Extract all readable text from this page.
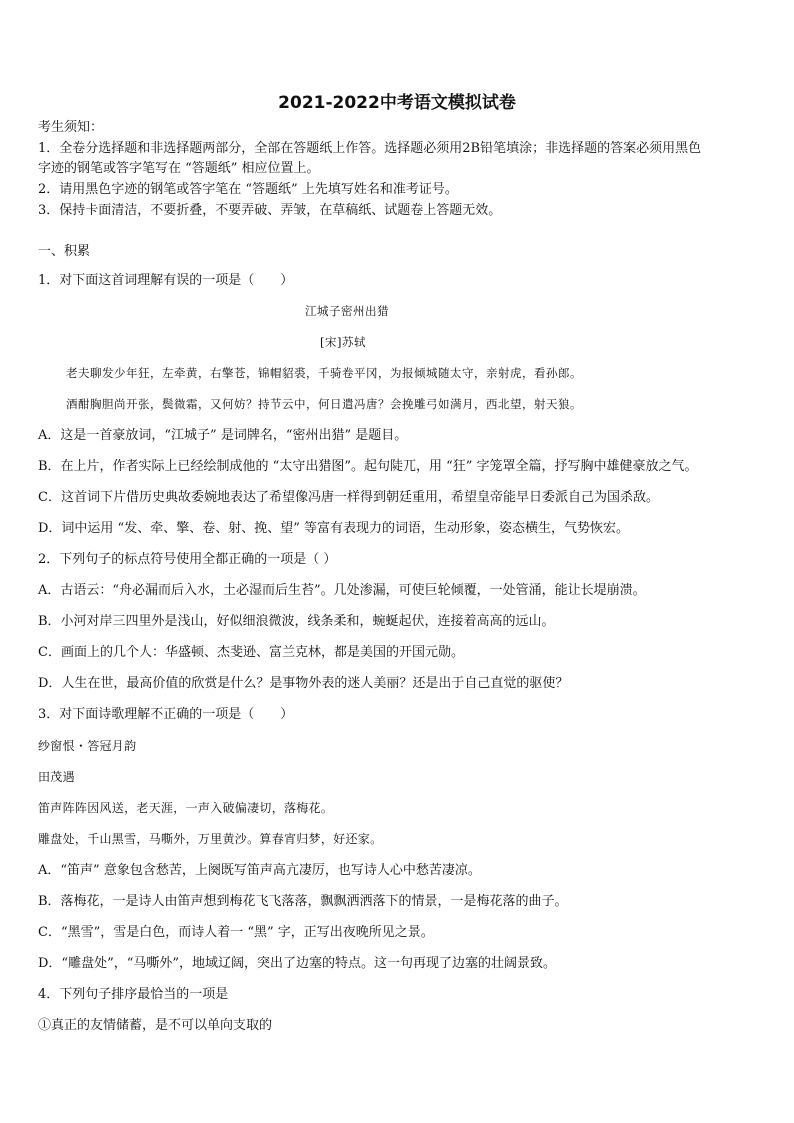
2021-2022中考语文模拟试卷
考生须知：
1．全卷分选择题和非选择题两部分，全部在答题纸上作答。选择题必须用2B铅笔填涂；非选择题的答案必须用黑色
字迹的钢笔或答字笔写在 “答题纸” 相应位置上。
2．请用黑色字迹的钢笔或答字笔在 “答题纸” 上先填写姓名和准考证号。
3．保持卡面清洁，不要折叠，不要弄破、弄皱，在草稿纸、试题卷上答题无效。
一、积累
1．对下面这首词理解有误的一项是（　　）
江城子密州出猎
[宋]苏轼
老夫聊发少年狂，左牵黄，右擎苍，锦帽貂裘，千骑卷平冈，为报倾城随太守，亲射虎，看孙郎。
酒酣胸胆尚开张，鬓微霜，又何妨？持节云中，何日遣冯唐？会挽雕弓如满月，西北望，射天狼。
A．这是一首豪放词，“江城子” 是词牌名，“密州出猎” 是题目。
B．在上片，作者实际上已经绘制成他的 “太守出猎图”。起句陡兀，用 “狂” 字笼罩全篇，抒写胸中雄健豪放之气。
C．这首词下片借历史典故委婉地表达了希望像冯唐一样得到朝廷重用，希望皇帝能早日委派自己为国杀敌。
D．词中运用 “发、牵、擎、卷、射、挽、望” 等富有表现力的词语，生动形象，姿态横生，气势恢宏。
2．下列句子的标点符号使用全都正确的一项是（ ）
A．古语云：“舟必漏而后入水，土必湿而后生苔”。几处渗漏，可使巨轮倾覆，一处管涌，能让长堤崩溃。
B．小河对岸三四里外是浅山，好似细浪微波，线条柔和，蜿蜒起伏，连接着高高的远山。
C．画面上的几个人：华盛顿、杰斐逊、富兰克林，都是美国的开国元勋。
D．人生在世，最高价值的欣赏是什么？是事物外表的迷人美丽？还是出于自己直觉的驱使？
3．对下面诗歌理解不正确的一项是（　　）
纱窗恨・答冠月韵
田茂遇
笛声阵阵因风送，老天涯，一声入破偏凄切，落梅花。
雕盘处，千山黑雪，马嘶外，万里黄沙。算春宵归梦，好还家。
A．“笛声” 意象包含愁苦，上阕既写笛声高亢凄厉，也写诗人心中愁苦凄凉。
B．落梅花，一是诗人由笛声想到梅花飞飞落落，飘飘洒洒落下的情景，一是梅花落的曲子。
C．“黑雪”，雪是白色，而诗人着一 “黑” 字，正写出夜晚所见之景。
D．“雕盘处”，“马嘶外”，地域辽阔，突出了边塞的特点。这一句再现了边塞的壮阔景致。
4．下列句子排序最恰当的一项是
①真正的友情储蓄，是不可以单向支取的
